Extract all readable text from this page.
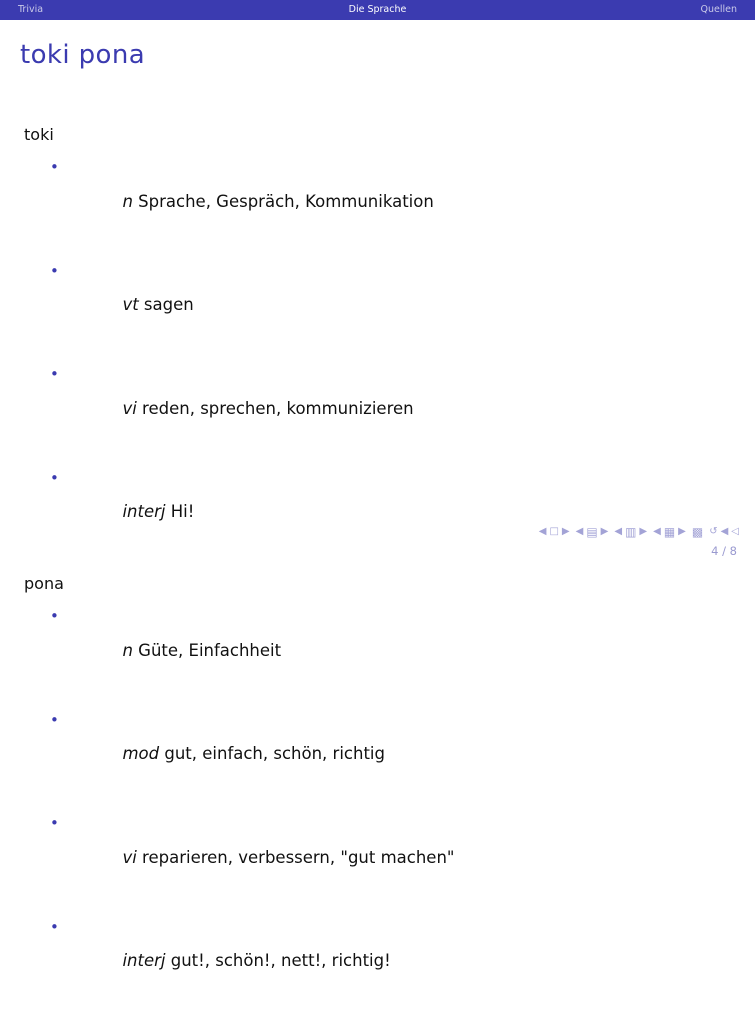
Trivia	Die Sprache	Quellen
toki pona
toki

•
n Sprache, Gespräch, Kommunikation

•
vt sagen

•
vi reden, sprechen, kommunizieren

•
interj Hi!

pona

•
n Güte, Einfachheit

•
mod gut, einfach, schön, richtig

•
vi reparieren, verbessern, "gut machen"

•
interj gut!, schön!, nett!, richtig!

◀ □ ▶ ◀ ▤ ▶ ◀ ▥ ▶ ◀ ▦ ▶ ▩ ↺ ◀ ◁
4 / 8
